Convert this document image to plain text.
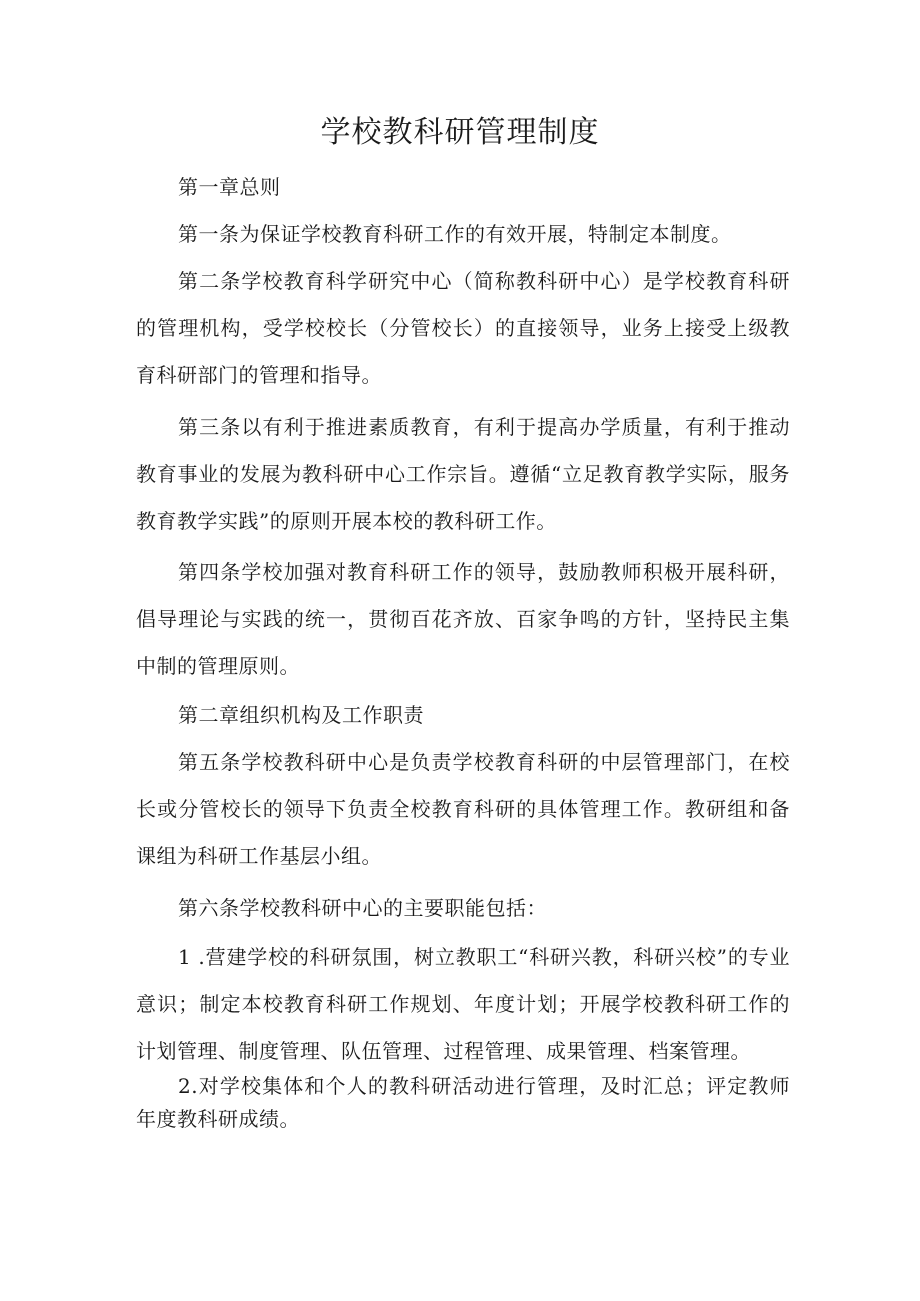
学校教科研管理制度
第一章总则
第一条为保证学校教育科研工作的有效开展，特制定本制度。
第二条学校教育科学研究中心（简称教科研中心）是学校教育科研的管理机构，受学校校长（分管校长）的直接领导，业务上接受上级教育科研部门的管理和指导。
第三条以有利于推进素质教育，有利于提高办学质量，有利于推动教育事业的发展为教科研中心工作宗旨。遵循“立足教育教学实际，服务教育教学实践”的原则开展本校的教科研工作。
第四条学校加强对教育科研工作的领导，鼓励教师积极开展科研，倡导理论与实践的统一，贯彻百花齐放、百家争鸣的方针，坚持民主集中制的管理原则。
第二章组织机构及工作职责
第五条学校教科研中心是负责学校教育科研的中层管理部门，在校长或分管校长的领导下负责全校教育科研的具体管理工作。教研组和备课组为科研工作基层小组。
第六条学校教科研中心的主要职能包括：
1 .营建学校的科研氛围，树立教职工“科研兴教，科研兴校”的专业意识；制定本校教育科研工作规划、年度计划；开展学校教科研工作的计划管理、制度管理、队伍管理、过程管理、成果管理、档案管理。
2.对学校集体和个人的教科研活动进行管理，及时汇总；评定教师年度教科研成绩。
